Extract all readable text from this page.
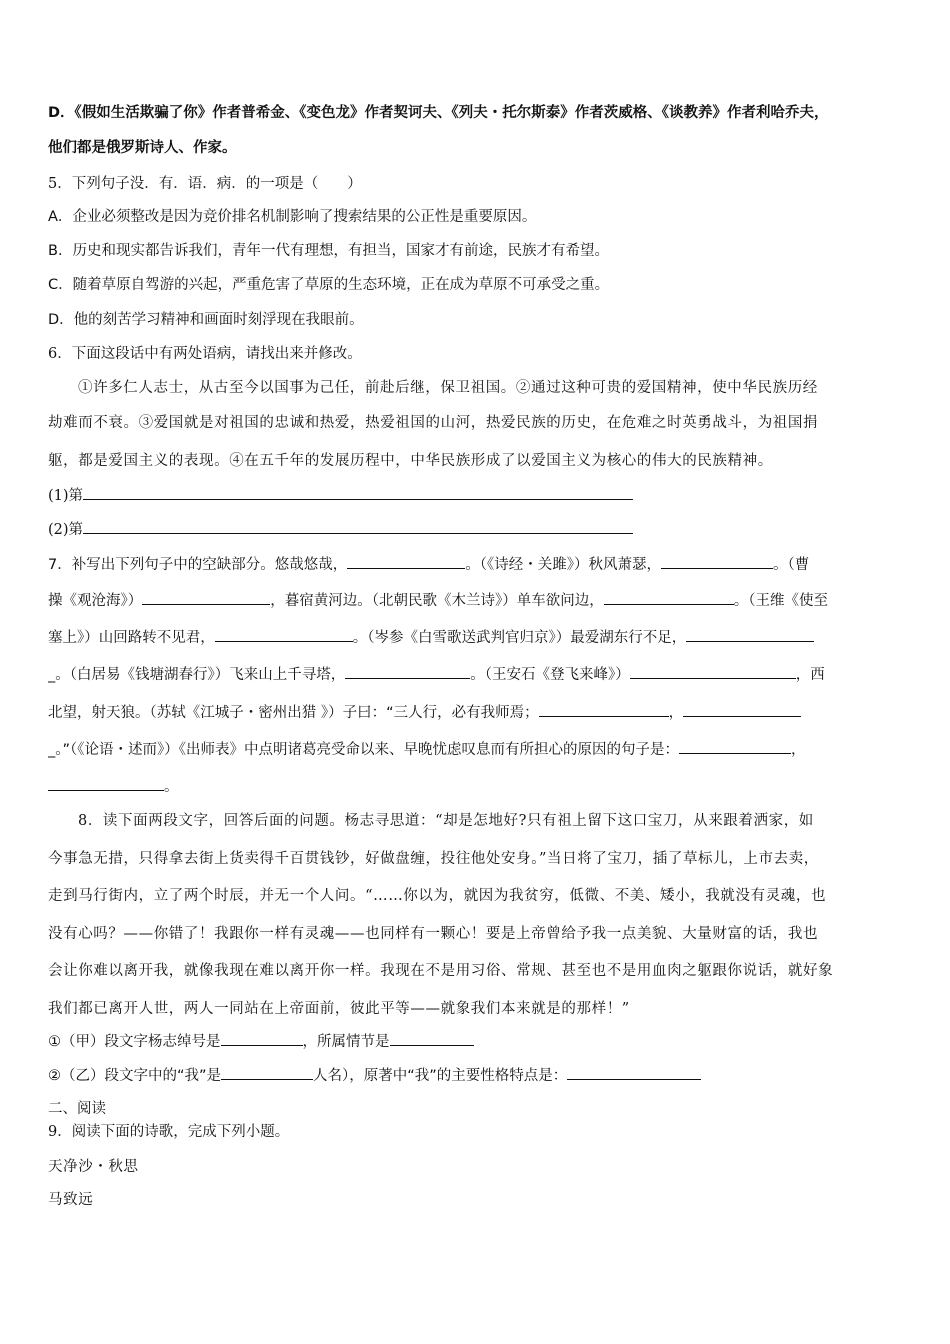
D．《假如生活欺骗了你》作者普希金、《变色龙》作者契诃夫、《列夫・托尔斯泰》作者茨威格、《谈教养》作者利哈乔夫，
他们都是俄罗斯诗人、作家。
5．下列句子没．有．语．病．的一项是（　　）
A．企业必须整改是因为竞价排名机制影响了搜索结果的公正性是重要原因。
B．历史和现实都告诉我们，青年一代有理想，有担当，国家才有前途，民族才有希望。
C．随着草原自驾游的兴起，严重危害了草原的生态环境，正在成为草原不可承受之重。
D．他的刻苦学习精神和画面时刻浮现在我眼前。
6．下面这段话中有两处语病，请找出来并修改。
①许多仁人志士，从古至今以国事为己任，前赴后继，保卫祖国。②通过这种可贵的爱国精神，使中华民族历经
劫难而不衰。③爱国就是对祖国的忠诚和热爱，热爱祖国的山河，热爱民族的历史，在危难之时英勇战斗，为祖国捐
躯，都是爱国主义的表现。④在五千年的发展历程中，中华民族形成了以爱国主义为核心的伟大的民族精神。
(1)第
(2)第
7．补写出下列句子中的空缺部分。悠哉悠哉，	。（《诗经・关雎》）秋风萧瑟，	。（曹
操《观沧海》）	，暮宿黄河边。（北朝民歌《木兰诗》）单车欲问边，	。（王维《使至
塞上》）山回路转不见君，	。（岑参《白雪歌送武判官归京》）最爱湖东行不足，
_。（白居易《钱塘湖春行》）飞来山上千寻塔，	。（王安石《登飞来峰》）	，西
北望，射天狼。（苏轼《江城子・密州出猎 》）子曰：“三人行，必有我师焉；	，
_。”（《论语・述而》）《出师表》中点明诸葛亮受命以来、早晚忧虑叹息而有所担心的原因的句子是：	，
。
8．读下面两段文字，回答后面的问题。杨志寻思道：“却是怎地好?只有祖上留下这口宝刀，从来跟着洒家，如
今事急无措，只得拿去街上货卖得千百贯钱钞，好做盘缠，投往他处安身。”当日将了宝刀，插了草标儿，上市去卖，
走到马行街内，立了两个时辰，并无一个人问。“……你以为，就因为我贫穷，低微、不美、矮小，我就没有灵魂，也
没有心吗？——你错了！我跟你一样有灵魂——也同样有一颗心！要是上帝曾给予我一点美貌、大量财富的话，我也
会让你难以离开我，就像我现在难以离开你一样。我现在不是用习俗、常规、甚至也不是用血肉之躯跟你说话，就好象
我们都已离开人世，两人一同站在上帝面前，彼此平等——就象我们本来就是的那样！”
①（甲）段文字杨志绰号是	，所属情节是
②（乙）段文字中的“我”是	人名），原著中“我”的主要性格特点是：
二、阅读
9．阅读下面的诗歌，完成下列小题。
天净沙・秋思
马致远
